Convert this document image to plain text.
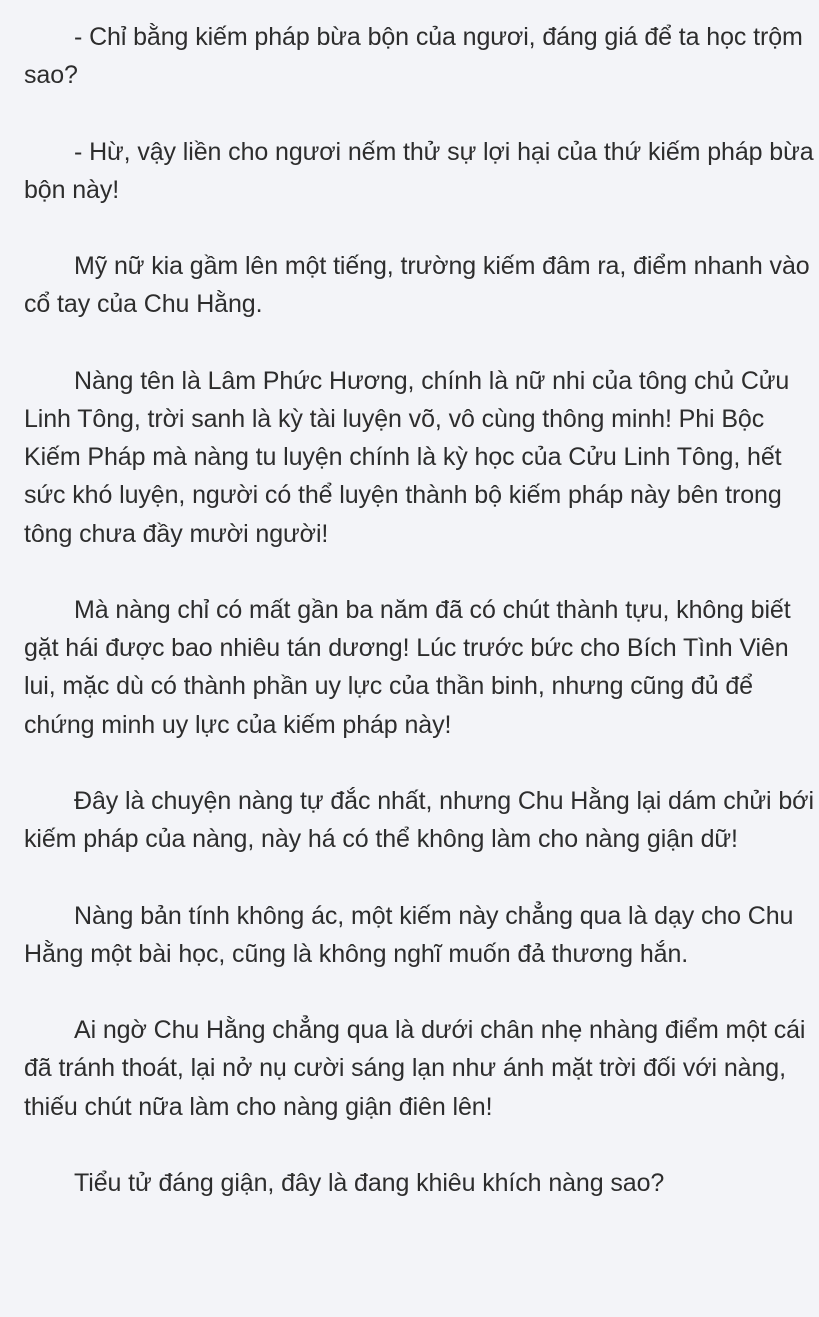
- Chỉ bằng kiếm pháp bừa bộn của ngươi, đáng giá để ta học trộm sao?

- Hừ, vậy liền cho ngươi nếm thử sự lợi hại của thứ kiếm pháp bừa bộn này!

Mỹ nữ kia gầm lên một tiếng, trường kiếm đâm ra, điểm nhanh vào cổ tay của Chu Hằng.

Nàng tên là Lâm Phức Hương, chính là nữ nhi của tông chủ Cửu Linh Tông, trời sanh là kỳ tài luyện võ, vô cùng thông minh! Phi Bộc Kiếm Pháp mà nàng tu luyện chính là kỳ học của Cửu Linh Tông, hết sức khó luyện, người có thể luyện thành bộ kiếm pháp này bên trong tông chưa đầy mười người!

Mà nàng chỉ có mất gần ba năm đã có chút thành tựu, không biết gặt hái được bao nhiêu tán dương! Lúc trước bức cho Bích Tình Viên lui, mặc dù có thành phần uy lực của thần binh, nhưng cũng đủ để chứng minh uy lực của kiếm pháp này!

Đây là chuyện nàng tự đắc nhất, nhưng Chu Hằng lại dám chửi bới kiếm pháp của nàng, này há có thể không làm cho nàng giận dữ!

Nàng bản tính không ác, một kiếm này chẳng qua là dạy cho Chu Hằng một bài học, cũng là không nghĩ muốn đả thương hắn.

Ai ngờ Chu Hằng chẳng qua là dưới chân nhẹ nhàng điểm một cái đã tránh thoát, lại nở nụ cười sáng lạn như ánh mặt trời đối với nàng, thiếu chút nữa làm cho nàng giận điên lên!

Tiểu tử đáng giận, đây là đang khiêu khích nàng sao?
